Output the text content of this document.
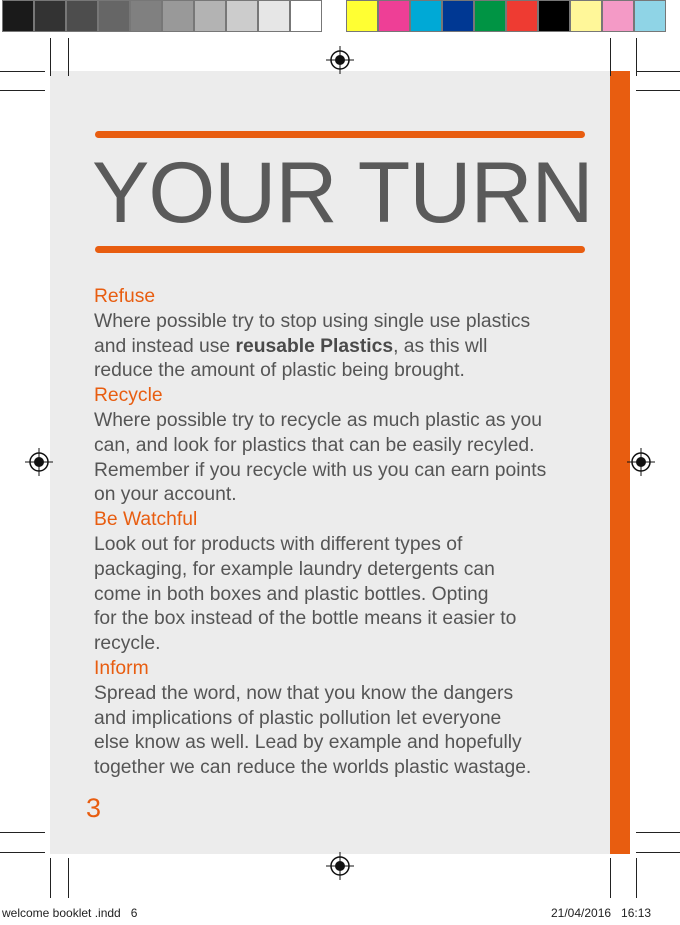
YOUR TURN
Refuse
Where possible try to stop using single use plastics
and instead use reusable Plastics, as this wll
reduce the amount of plastic being brought.
Recycle
Where possible try to recycle as much plastic as you
can, and look for plastics that can be easily recyled.
Remember if you recycle with us you can earn points
on your account.
Be Watchful
Look out for products with different types of
packaging, for example laundry detergents can
come in both boxes and plastic bottles. Opting
for the box instead of the bottle means it easier to
recycle.
Inform
Spread the word, now that you know the dangers
and implications of plastic pollution let everyone
else know as well. Lead by example and hopefully
together we can reduce the worlds plastic wastage.
3
welcome booklet .indd   6	21/04/2016   16:13
